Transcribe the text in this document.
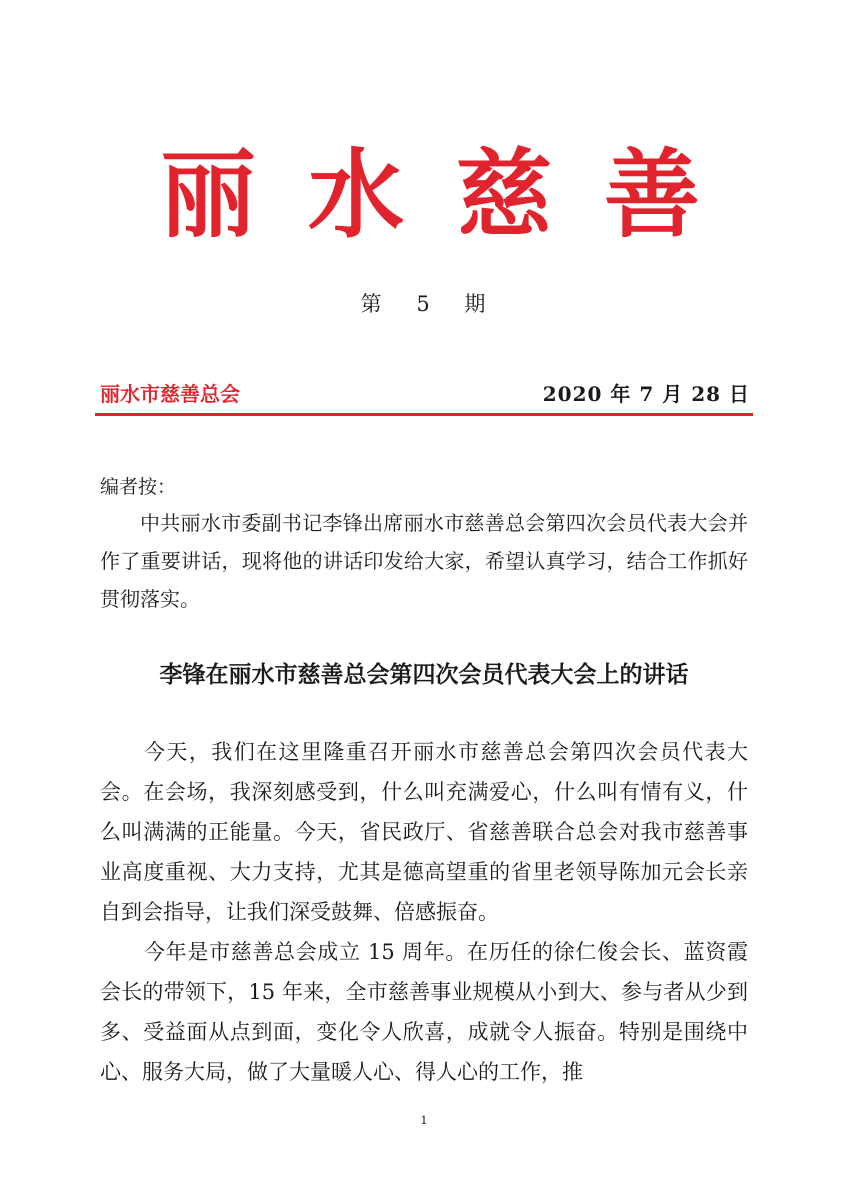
丽 水 慈 善
第 5 期
丽水市慈善总会	2020 年 7 月 28 日
编者按：

中共丽水市委副书记李锋出席丽水市慈善总会第四次会员代表大会并作了重要讲话，现将他的讲话印发给大家，希望认真学习，结合工作抓好贯彻落实。

李锋在丽水市慈善总会第四次会员代表大会上的讲话

今天，我们在这里隆重召开丽水市慈善总会第四次会员代表大会。在会场，我深刻感受到，什么叫充满爱心，什么叫有情有义，什么叫满满的正能量。今天，省民政厅、省慈善联合总会对我市慈善事业高度重视、大力支持，尤其是德高望重的省里老领导陈加元会长亲自到会指导，让我们深受鼓舞、倍感振奋。

今年是市慈善总会成立 15 周年。在历任的徐仁俊会长、蓝资霞会长的带领下，15 年来，全市慈善事业规模从小到大、参与者从少到多、受益面从点到面，变化令人欣喜，成就令人振奋。特别是围绕中心、服务大局，做了大量暖人心、得人心的工作，推

1
